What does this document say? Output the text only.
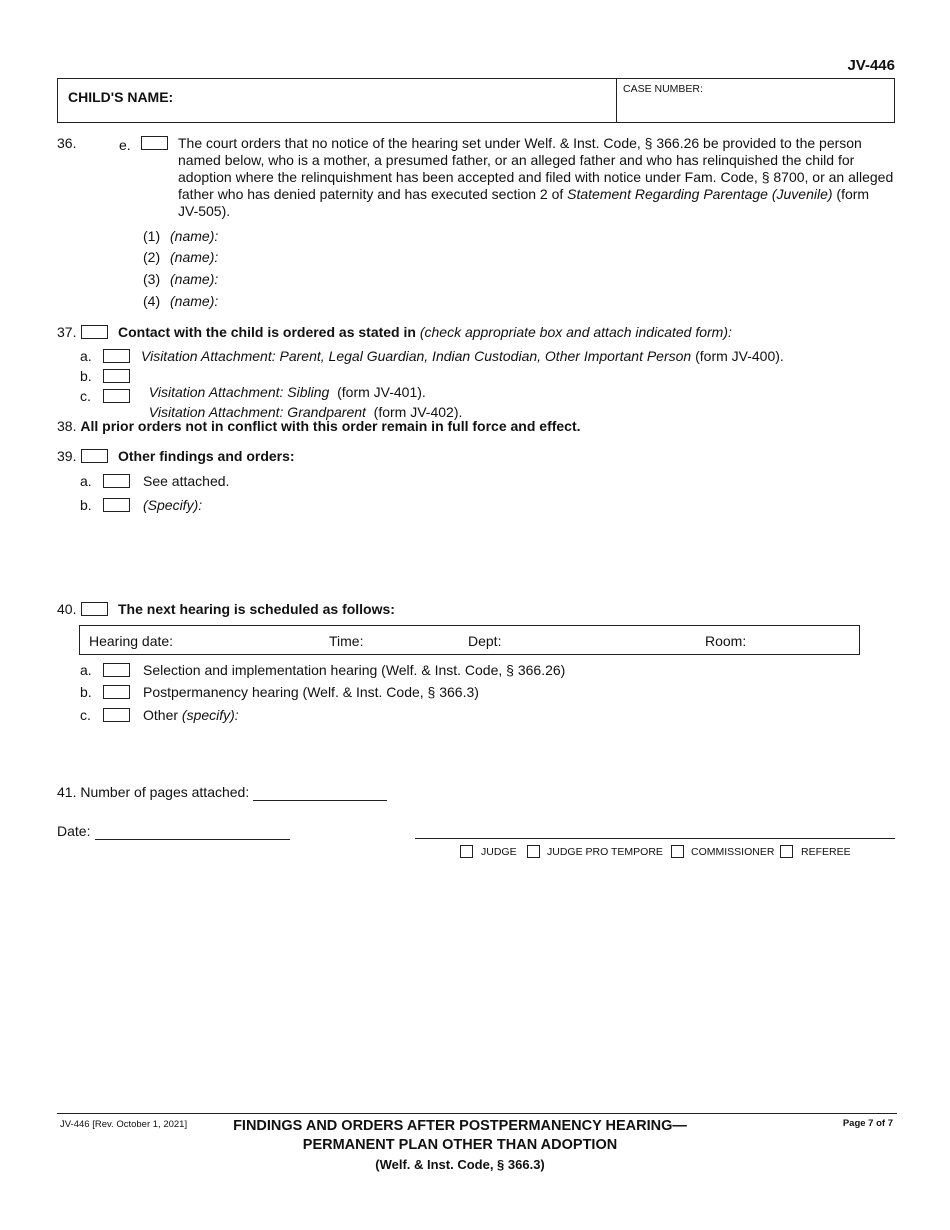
JV-446
CHILD'S NAME:	CASE NUMBER:
36.	e.	The court orders that no notice of the hearing set under Welf. & Inst. Code, § 366.26 be provided to the person
named below, who is a mother, a presumed father, or an alleged father and who has relinquished the child for
adoption where the relinquishment has been accepted and filed with notice under Fam. Code, § 8700, or an alleged
father who has denied paternity and has executed section 2 of Statement Regarding Parentage (Juvenile) (form
JV-505).
(1) (name):
(2) (name):
(3) (name):
(4) (name):
37.	Contact with the child is ordered as stated in (check appropriate box and attach indicated form):
a.	Visitation Attachment: Parent, Legal Guardian, Indian Custodian, Other Important Person (form JV-400).
b.

Visitation Attachment: Sibling  (form JV-401).

c.

Visitation Attachment: Grandparent  (form JV-402).

38. All prior orders not in conflict with this order remain in full force and effect.
39.	Other findings and orders:
a.	See attached.
b.	(Specify):
40.	The next hearing is scheduled as follows:
Hearing date:	Time:	Dept:	Room:
a.	Selection and implementation hearing (Welf. & Inst. Code, § 366.26)
b.	Postpermanency hearing (Welf. & Inst. Code, § 366.3)
c.	Other (specify):
41. Number of pages attached:
Date:
JUDGE	JUDGE PRO TEMPORE	COMMISSIONER	REFEREE
JV-446 [Rev. October 1, 2021]	FINDINGS AND ORDERS AFTER POSTPERMANENCY HEARING—
PERMANENT PLAN OTHER THAN ADOPTION
(Welf. & Inst. Code, § 366.3)
Page 7 of 7
